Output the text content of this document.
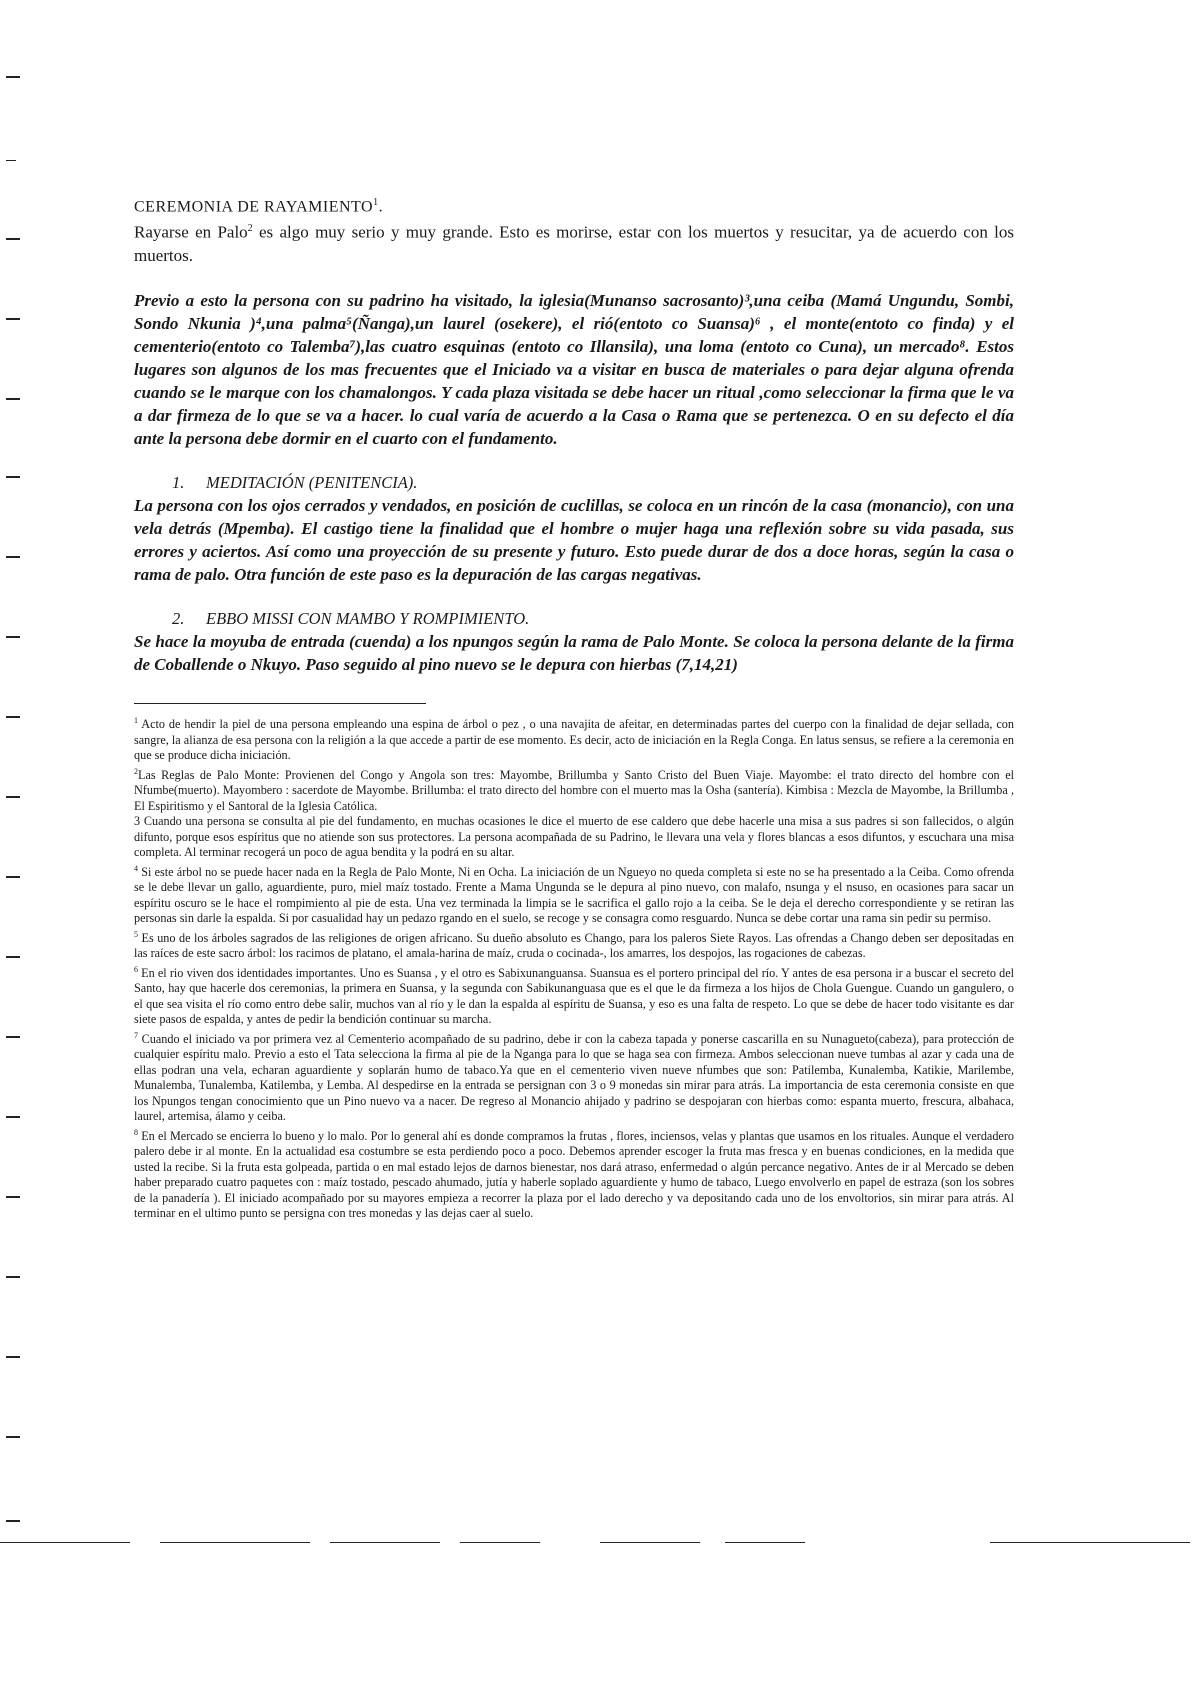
CEREMONIA DE RAYAMIENTO$^1$.

Rayarse en Palo$^2$ es algo muy serio y muy grande. Esto es morirse, estar con los muertos y resucitar, ya de acuerdo con los muertos.

Previo a esto la persona con su padrino ha visitado, la iglesia(Munanso sacrosanto)³,una ceiba (Mamá Ungundu, Sombi, Sondo Nkunia )⁴,una palma⁵(Ñanga),un laurel (osekere), el rió(entoto co Suansa)⁶ , el monte(entoto co finda) y el cementerio(entoto co Talemba⁷),las cuatro esquinas (entoto co Illansila), una loma (entoto co Cuna), un mercado⁸. Estos lugares son algunos de los mas frecuentes que el Iniciado va a visitar en busca de materiales o para dejar alguna ofrenda cuando se le marque con los chamalongos. Y cada plaza visitada se debe hacer un ritual ,como seleccionar la firma que le va a dar firmeza de lo que se va a hacer. lo cual varía de acuerdo a la Casa o Rama que se pertenezca. O en su defecto el día ante la persona debe dormir en el cuarto con el fundamento.

1. MEDITACIÓN (PENITENCIA).

La persona con los ojos cerrados y vendados, en posición de cuclillas, se coloca en un rincón de la casa (monancio), con una vela detrás (Mpemba). El castigo tiene la finalidad que el hombre o mujer haga una reflexión sobre su vida pasada, sus errores y aciertos. Así como una proyección de su presente y futuro. Esto puede durar de dos a doce horas, según la casa o rama de palo. Otra función de este paso es la depuración de las cargas negativas.

2. EBBO MISSI CON MAMBO Y ROMPIMIENTO.

Se hace la moyuba de entrada (cuenda) a los npungos según la rama de Palo Monte. Se coloca la persona delante de la firma de Coballende o Nkuyo. Paso seguido al pino nuevo se le depura con hierbas (7,14,21)

$^1$ Acto de hendir la piel de una persona empleando una espina de árbol o pez , o una navajita de afeitar, en determinadas partes del cuerpo con la finalidad de dejar sellada, con sangre, la alianza de esa persona con la religión a la que accede a partir de ese momento. Es decir, acto de iniciación en la Regla Conga. En latus sensus, se refiere a la ceremonia en que se produce dicha iniciación.

$^2$Las Reglas de Palo Monte: Provienen del Congo y Angola son tres: Mayombe, Brillumba y Santo Cristo del Buen Viaje. Mayombe: el trato directo del hombre con el Nfumbe(muerto). Mayombero : sacerdote de Mayombe. Brillumba: el trato directo del hombre con el muerto mas la Osha (santería). Kimbisa : Mezcla de Mayombe, la Brillumba , El Espiritismo y el Santoral de la Iglesia Católica.

3 Cuando una persona se consulta al pie del fundamento, en muchas ocasiones le dice el muerto de ese caldero que debe hacerle una misa a sus padres si son fallecidos, o algún difunto, porque esos espíritus que no atiende son sus protectores. La persona acompañada de su Padrino, le llevara una vela y flores blancas a esos difuntos, y escuchara una misa completa. Al terminar recogerá un poco de agua bendita y la podrá en su altar.

$^4$ Si este árbol no se puede hacer nada en la Regla de Palo Monte, Ni en Ocha. La iniciación de un Ngueyo no queda completa si este no se ha presentado a la Ceiba. Como ofrenda se le debe llevar un gallo, aguardiente, puro, miel maíz tostado. Frente a Mama Ungunda se le depura al pino nuevo, con malafo, nsunga y el nsuso, en ocasiones para sacar un espíritu oscuro se le hace el rompimiento al pie de esta. Una vez terminada la limpia se le sacrifica el gallo rojo a la ceiba. Se le deja el derecho correspondiente y se retiran las personas sin darle la espalda. Si por casualidad hay un pedazo rgando en el suelo, se recoge y se consagra como resguardo. Nunca se debe cortar una rama sin pedir su permiso.

$^5$ Es uno de los árboles sagrados de las religiones de origen africano. Su dueño absoluto es Chango, para los paleros Siete Rayos. Las ofrendas a Chango deben ser depositadas en las raíces de este sacro árbol: los racimos de platano, el amala-harina de maíz, cruda o cocinada-, los amarres, los despojos, las rogaciones de cabezas.

$^6$ En el rio viven dos identidades importantes. Uno es Suansa , y el otro es Sabixunanguansa. Suansua es el portero principal del río. Y antes de esa persona ir a buscar el secreto del Santo, hay que hacerle dos ceremonias, la primera en Suansa, y la segunda con Sabikunanguasa que es el que le da firmeza a los hijos de Chola Guengue. Cuando un gangulero, o el que sea visita el río como entro debe salir, muchos van al río y le dan la espalda al espíritu de Suansa, y eso es una falta de respeto. Lo que se debe de hacer todo visitante es dar siete pasos de espalda, y antes de pedir la bendición continuar su marcha.

$^7$ Cuando el iniciado va por primera vez al Cementerio acompañado de su padrino, debe ir con la cabeza tapada y ponerse cascarilla en su Nunagueto(cabeza), para protección de cualquier espíritu malo. Previo a esto el Tata selecciona la firma al pie de la Nganga para lo que se haga sea con firmeza. Ambos seleccionan nueve tumbas al azar y cada una de ellas podran una vela, echaran aguardiente y soplarán humo de tabaco.Ya que en el cementerio viven nueve nfumbes que son: Patilemba, Kunalemba, Katikie, Marilembe, Munalemba, Tunalemba, Katilemba, y Lemba. Al despedirse en la entrada se persignan con 3 o 9 monedas sin mirar para atrás. La importancia de esta ceremonia consiste en que los Npungos tengan conocimiento que un Pino nuevo va a nacer. De regreso al Monancio ahijado y padrino se despojaran con hierbas como: espanta muerto, frescura, albahaca, laurel, artemisa, álamo y ceiba.

$^8$ En el Mercado se encierra lo bueno y lo malo. Por lo general ahí es donde compramos la frutas , flores, inciensos, velas y plantas que usamos en los rituales. Aunque el verdadero palero debe ir al monte. En la actualidad esa costumbre se esta perdiendo poco a poco. Debemos aprender escoger la fruta mas fresca y en buenas condiciones, en la medida que usted la recibe. Si la fruta esta golpeada, partida o en mal estado lejos de darnos bienestar, nos dará atraso, enfermedad o algún percance negativo. Antes de ir al Mercado se deben haber preparado cuatro paquetes con : maíz tostado, pescado ahumado, jutía y haberle soplado aguardiente y humo de tabaco, Luego envolverlo en papel de estraza (son los sobres de la panadería ). El iniciado acompañado por su mayores empieza a recorrer la plaza por el lado derecho y va depositando cada uno de los envoltorios, sin mirar para atrás. Al terminar en el ultimo punto se persigna con tres monedas y las dejas caer al suelo.
